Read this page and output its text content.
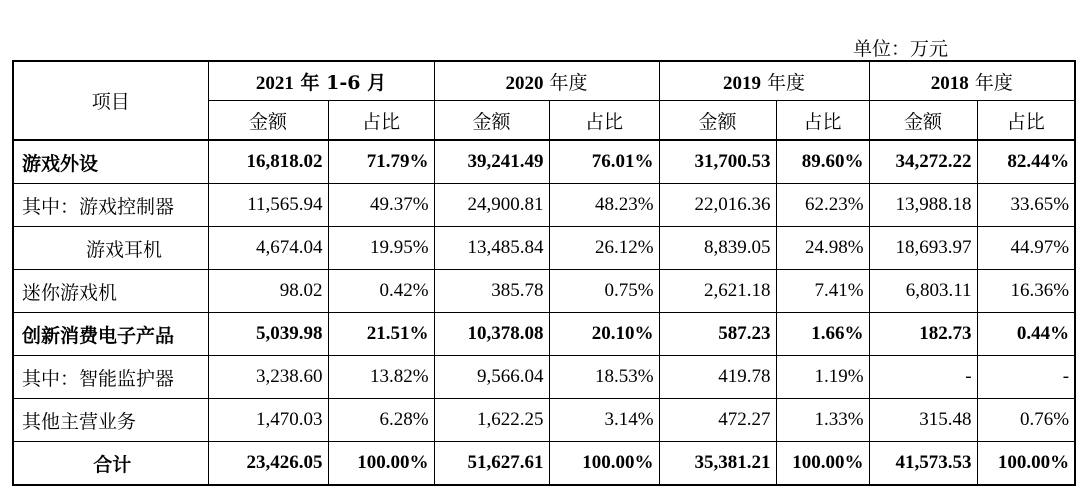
单位：万元
项目	2021 年 1-6 月		2020 年度		2019 年度		2018 年度	
	金额	占比	金额	占比	金额	占比	金额	占比
游戏外设	16,818.02	71.79%	39,241.49	76.01%	31,700.53	89.60%	34,272.22	82.44%
其中：游戏控制器	11,565.94	49.37%	24,900.81	48.23%	22,016.36	62.23%	13,988.18	33.65%
游戏耳机	4,674.04	19.95%	13,485.84	26.12%	8,839.05	24.98%	18,693.97	44.97%
迷你游戏机	98.02	0.42%	385.78	0.75%	2,621.18	7.41%	6,803.11	16.36%
创新消费电子产品	5,039.98	21.51%	10,378.08	20.10%	587.23	1.66%	182.73	0.44%
其中：智能监护器	3,238.60	13.82%	9,566.04	18.53%	419.78	1.19%	-	-
其他主营业务	1,470.03	6.28%	1,622.25	3.14%	472.27	1.33%	315.48	0.76%
合计	23,426.05	100.00%	51,627.61	100.00%	35,381.21	100.00%	41,573.53	100.00%
